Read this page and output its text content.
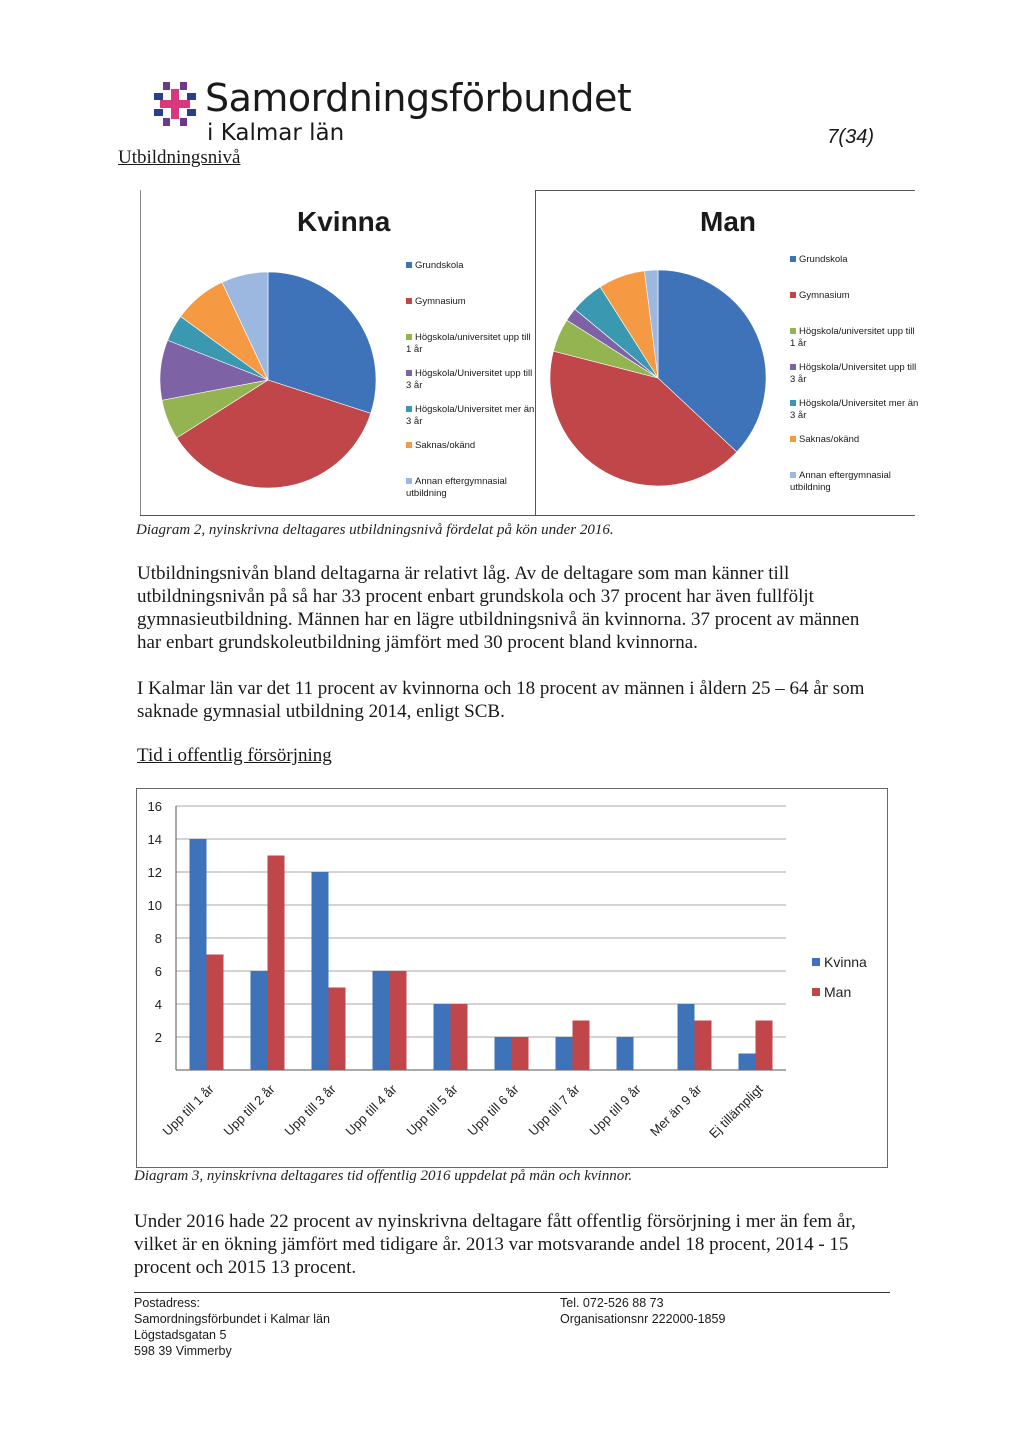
Samordningsförbundet
i Kalmar län	7(34)
Utbildningsnivå
Kvinna	Man
Grundskola
Gymnasium
Högskola/universitet upp till 1 år
Högskola/Universitet upp till 3 år
Högskola/Universitet mer än 3 år
Saknas/okänd
Annan eftergymnasial utbildning
Grundskola
Gymnasium
Högskola/universitet upp till 1 år
Högskola/Universitet upp till 3 år
Högskola/Universitet mer än 3 år
Saknas/okänd
Annan eftergymnasial utbildning
Diagram 2, nyinskrivna deltagares utbildningsnivå fördelat på kön under 2016.
Utbildningsnivån bland deltagarna är relativt låg. Av de deltagare som man känner till
utbildningsnivån på så har 33 procent enbart grundskola och 37 procent har även fullföljt
gymnasieutbildning. Männen har en lägre utbildningsnivå än kvinnorna. 37 procent av männen
har enbart grundskoleutbildning jämfört med 30 procent bland kvinnorna.
I Kalmar län var det 11 procent av kvinnorna och 18 procent av männen i åldern 25 – 64 år som
saknade gymnasial utbildning 2014, enligt SCB.
Tid i offentlig försörjning
2
4
6
8
10
12
14
16
Upp till 1 år Upp till 2 år Upp till 3 år Upp till 4 år Upp till 5 år Upp till 6 år Upp till 7 år Upp till 9 år Mer än 9 år Ej tillämpligt
Kvinna
Man
Diagram 3, nyinskrivna deltagares tid offentlig 2016 uppdelat på män och kvinnor.
Under 2016 hade 22 procent av nyinskrivna deltagare fått offentlig försörjning i mer än fem år,
vilket är en ökning jämfört med tidigare år. 2013 var motsvarande andel 18 procent, 2014 - 15
procent och 2015 13 procent.
Postadress:
Samordningsförbundet i Kalmar län
Lögstadsgatan 5
598 39 Vimmerby
Tel. 072-526 88 73
Organisationsnr 222000-1859
